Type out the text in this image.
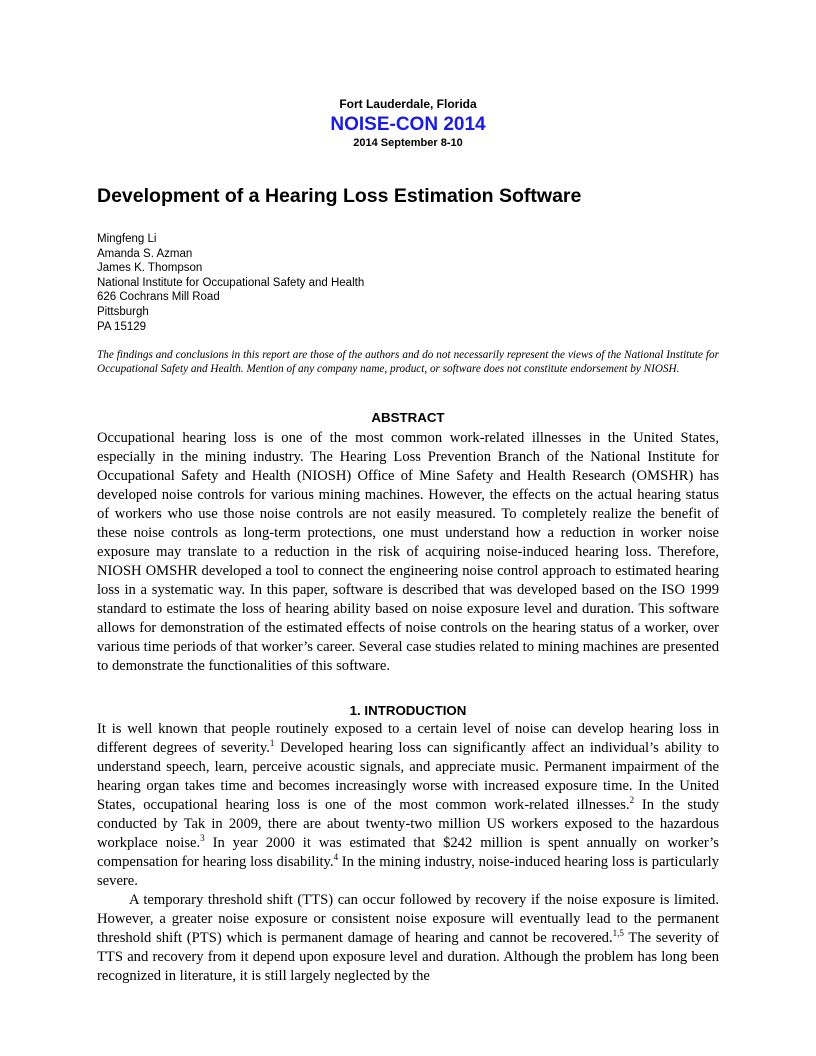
Fort Lauderdale, Florida
NOISE-CON 2014
2014 September 8-10
Development of a Hearing Loss Estimation Software
Mingfeng Li
Amanda S. Azman
James K. Thompson
National Institute for Occupational Safety and Health
626 Cochrans Mill Road
Pittsburgh
PA 15129
The findings and conclusions in this report are those of the authors and do not necessarily represent the views of the National Institute for Occupational Safety and Health. Mention of any company name, product, or software does not constitute endorsement by NIOSH.
ABSTRACT

Occupational hearing loss is one of the most common work-related illnesses in the United States, especially in the mining industry. The Hearing Loss Prevention Branch of the National Institute for Occupational Safety and Health (NIOSH) Office of Mine Safety and Health Research (OMSHR) has developed noise controls for various mining machines. However, the effects on the actual hearing status of workers who use those noise controls are not easily measured. To completely realize the benefit of these noise controls as long-term protections, one must understand how a reduction in worker noise exposure may translate to a reduction in the risk of acquiring noise-induced hearing loss. Therefore, NIOSH OMSHR developed a tool to connect the engineering noise control approach to estimated hearing loss in a systematic way. In this paper, software is described that was developed based on the ISO 1999 standard to estimate the loss of hearing ability based on noise exposure level and duration. This software allows for demonstration of the estimated effects of noise controls on the hearing status of a worker, over various time periods of that worker’s career. Several case studies related to mining machines are presented to demonstrate the functionalities of this software.

1. INTRODUCTION

It is well known that people routinely exposed to a certain level of noise can develop hearing loss in different degrees of severity.$^1$ Developed hearing loss can significantly affect an individual’s ability to understand speech, learn, perceive acoustic signals, and appreciate music. Permanent impairment of the hearing organ takes time and becomes increasingly worse with increased exposure time. In the United States, occupational hearing loss is one of the most common work-related illnesses.$^2$ In the study conducted by Tak in 2009, there are about twenty-two million US workers exposed to the hazardous workplace noise.$^3$ In year 2000 it was estimated that $242 million is spent annually on worker’s compensation for hearing loss disability.$^4$ In the mining industry, noise-induced hearing loss is particularly severe.

A temporary threshold shift (TTS) can occur followed by recovery if the noise exposure is limited. However, a greater noise exposure or consistent noise exposure will eventually lead to the permanent threshold shift (PTS) which is permanent damage of hearing and cannot be recovered.$^{1,5}$ The severity of TTS and recovery from it depend upon exposure level and duration. Although the problem has long been recognized in literature, it is still largely neglected by the
